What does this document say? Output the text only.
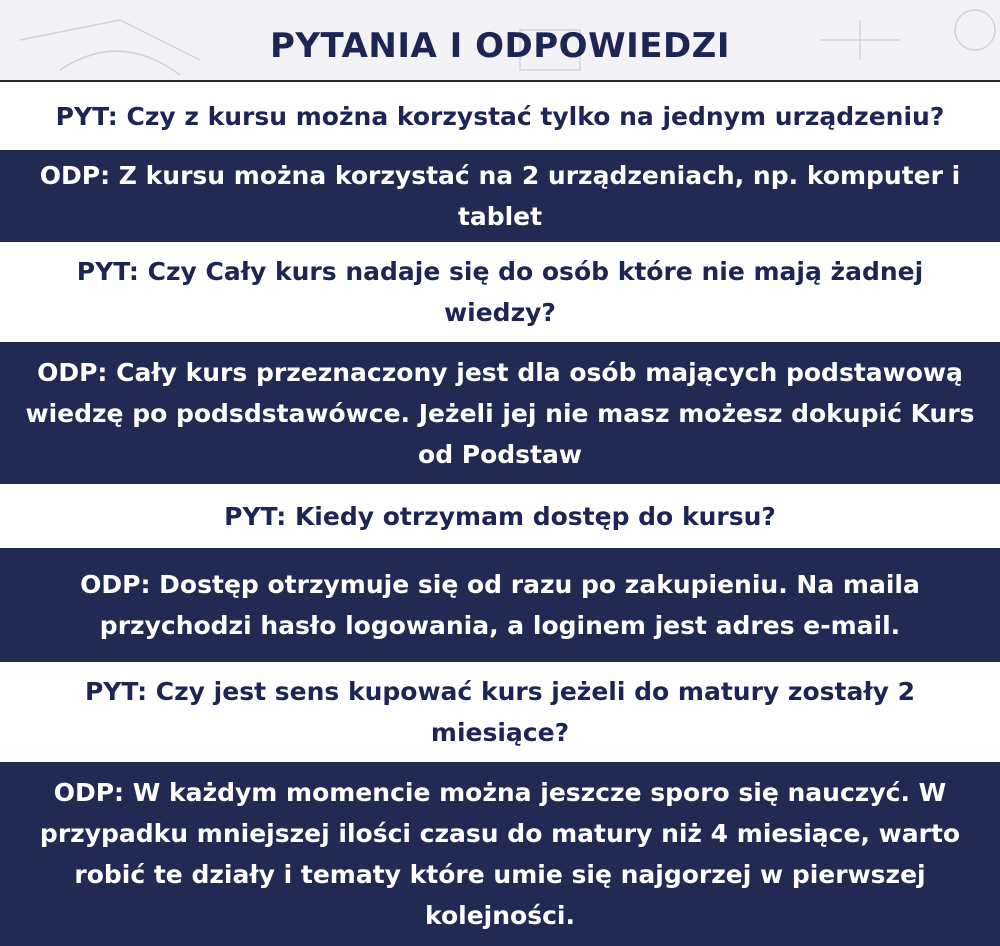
PYTANIA I ODPOWIEDZI
PYT: Czy z kursu można korzystać tylko na jednym urządzeniu?
ODP: Z kursu można korzystać na 2 urządzeniach, np. komputer i tablet
PYT: Czy Cały kurs nadaje się do osób które nie mają żadnej wiedzy?
ODP: Cały kurs przeznaczony jest dla osób mających podstawową wiedzę po podsdstawówce. Jeżeli jej nie masz możesz dokupić Kurs od Podstaw
PYT: Kiedy otrzymam dostęp do kursu?
ODP: Dostęp otrzymuje się od razu po zakupieniu. Na maila przychodzi hasło logowania, a loginem jest adres e-mail.
PYT: Czy jest sens kupować kurs jeżeli do matury zostały 2 miesiące?
ODP: W każdym momencie można jeszcze sporo się nauczyć. W przypadku mniejszej ilości czasu do matury niż 4 miesiące, warto robić te działy i tematy które umie się najgorzej w pierwszej kolejności.
